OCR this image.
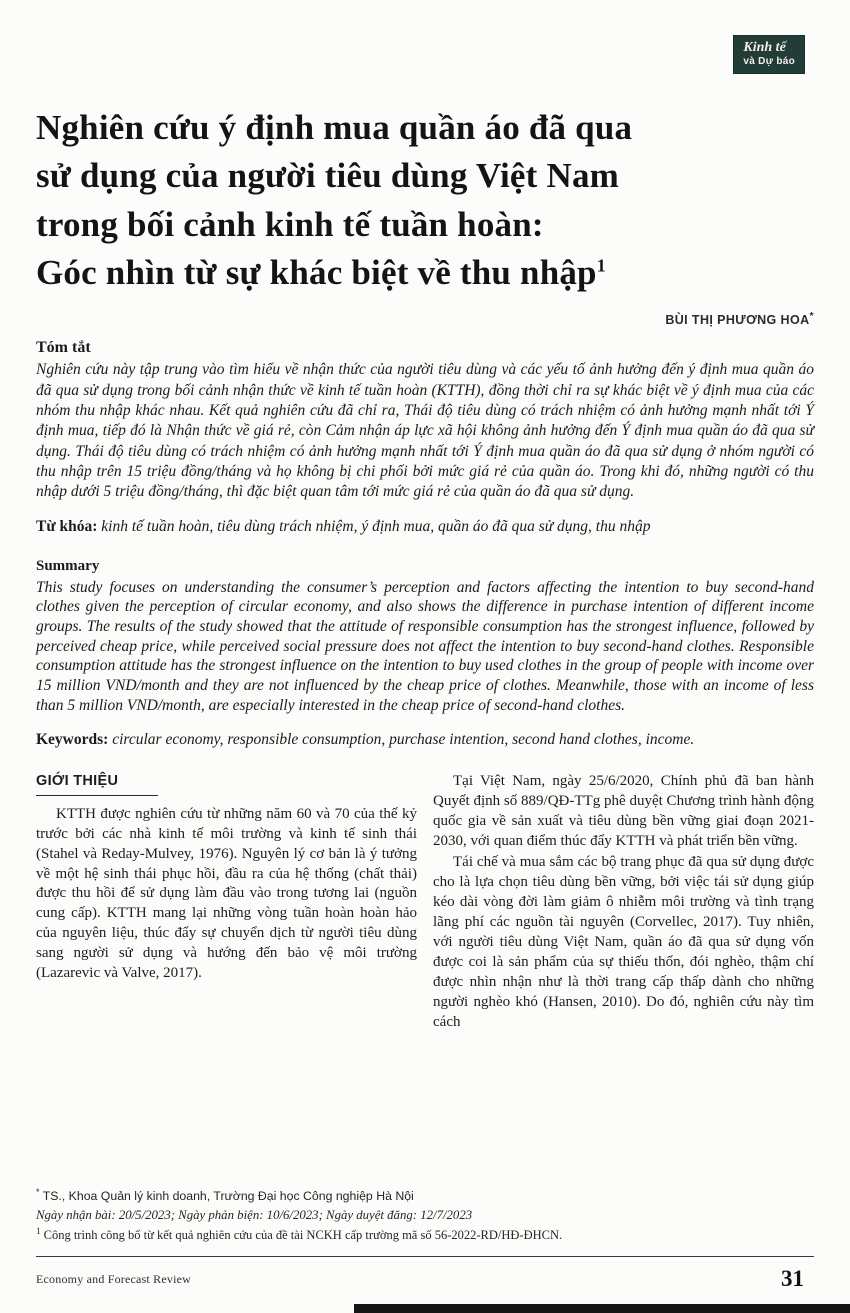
Kinh tế
và Dự báo
Nghiên cứu ý định mua quần áo đã qua
sử dụng của người tiêu dùng Việt Nam
trong bối cảnh kinh tế tuần hoàn:
Góc nhìn từ sự khác biệt về thu nhập$^1$
BÙI THỊ PHƯƠNG HOA*
Tóm tắt
Nghiên cứu này tập trung vào tìm hiểu về nhận thức của người tiêu dùng và các yếu tố ảnh hưởng đến ý định mua quần áo đã qua sử dụng trong bối cảnh nhận thức về kinh tế tuần hoàn (KTTH), đồng thời chỉ ra sự khác biệt về ý định mua của các nhóm thu nhập khác nhau. Kết quả nghiên cứu đã chỉ ra, Thái độ tiêu dùng có trách nhiệm có ảnh hưởng mạnh nhất tới Ý định mua, tiếp đó là Nhận thức về giá rẻ, còn Cảm nhận áp lực xã hội không ảnh hưởng đến Ý định mua quần áo đã qua sử dụng. Thái độ tiêu dùng có trách nhiệm có ảnh hưởng mạnh nhất tới Ý định mua quần áo đã qua sử dụng ở nhóm người có thu nhập trên 15 triệu đồng/tháng và họ không bị chi phối bởi mức giá rẻ của quần áo. Trong khi đó, những người có thu nhập dưới 5 triệu đồng/tháng, thì đặc biệt quan tâm tới mức giá rẻ của quần áo đã qua sử dụng.
Từ khóa: kinh tế tuần hoàn, tiêu dùng trách nhiệm, ý định mua, quần áo đã qua sử dụng, thu nhập
Summary
This study focuses on understanding the consumer’s perception and factors affecting the intention to buy second-hand clothes given the perception of circular economy, and also shows the difference in purchase intention of different income groups. The results of the study showed that the attitude of responsible consumption has the strongest influence, followed by perceived cheap price, while perceived social pressure does not affect the intention to buy second-hand clothes. Responsible consumption attitude has the strongest influence on the intention to buy used clothes in the group of people with income over 15 million VND/month and they are not influenced by the cheap price of clothes. Meanwhile, those with an income of less than 5 million VND/month, are especially interested in the cheap price of second-hand clothes.
Keywords: circular economy, responsible consumption, purchase intention, second hand clothes, income.
GIỚI THIỆU

KTTH được nghiên cứu từ những năm 60 và 70 của thế kỷ trước bởi các nhà kinh tế môi trường và kinh tế sinh thái (Stahel và Reday-Mulvey, 1976). Nguyên lý cơ bản là ý tưởng về một hệ sinh thái phục hồi, đầu ra của hệ thống (chất thải) được thu hồi để sử dụng làm đầu vào trong tương lai (nguồn cung cấp). KTTH mang lại những vòng tuần hoàn hoàn hảo của nguyên liệu, thúc đẩy sự chuyển dịch từ người tiêu dùng sang người sử dụng và hướng đến bảo vệ môi trường (Lazarevic và Valve, 2017).

Tại Việt Nam, ngày 25/6/2020, Chính phủ đã ban hành Quyết định số 889/QĐ-TTg phê duyệt Chương trình hành động quốc gia về sản xuất và tiêu dùng bền vững giai đoạn 2021-2030, với quan điểm thúc đẩy KTTH và phát triển bền vững.

Tái chế và mua sắm các bộ trang phục đã qua sử dụng được cho là lựa chọn tiêu dùng bền vững, bởi việc tái sử dụng giúp kéo dài vòng đời làm giảm ô nhiễm môi trường và tình trạng lãng phí các nguồn tài nguyên (Corvellec, 2017). Tuy nhiên, với người tiêu dùng Việt Nam, quần áo đã qua sử dụng vốn được coi là sản phẩm của sự thiếu thốn, đói nghèo, thậm chí được nhìn nhận như là thời trang cấp thấp dành cho những người nghèo khó (Hansen, 2010). Do đó, nghiên cứu này tìm cách

* TS., Khoa Quản lý kinh doanh, Trường Đại học Công nghiệp Hà Nội
Ngày nhận bài: 20/5/2023; Ngày phản biện: 10/6/2023; Ngày duyệt đăng: 12/7/2023
$^1$ Công trình công bố từ kết quả nghiên cứu của đề tài NCKH cấp trường mã số 56-2022-RD/HĐ-ĐHCN.
Economy and Forecast Review	31
